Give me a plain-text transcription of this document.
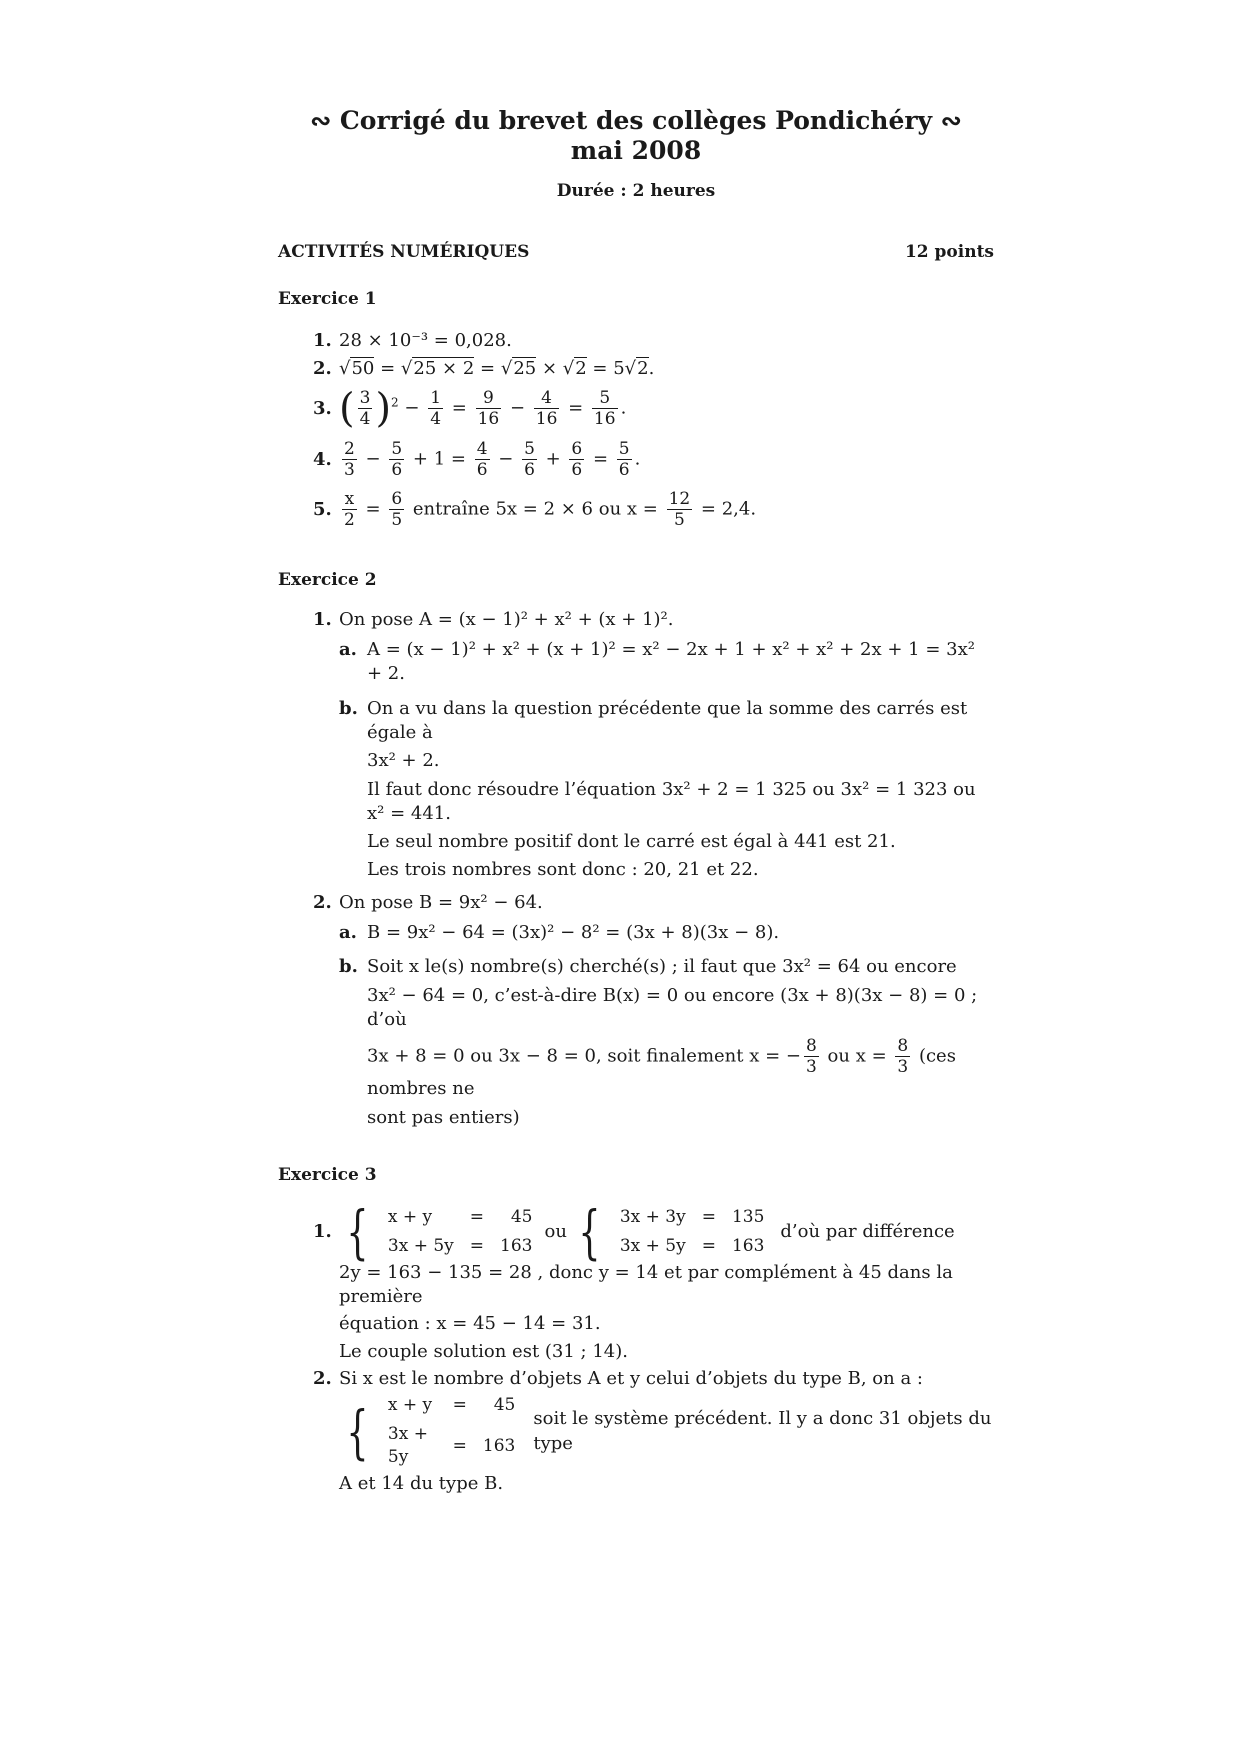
∾ Corrigé du brevet des collèges Pondichéry ∾
mai 2008
Durée : 2 heures
ACTIVITÉS NUMÉRIQUES	12 points
Exercice 1
1. 28 × 10⁻³ = 0,028.
2. √50 = √25 × 2 = √25 × √2 = 5√2.
3. ( $\frac{3}{4} )^2 - \frac{1}{4} = \frac{9}{16} - \frac{4}{16} = \frac{5}{16}$ .
4. $\frac{2}{3} - \frac{5}{6} + 1 = \frac{4}{6} - \frac{5}{6} + \frac{6}{6} = \frac{5}{6}$ .
5. $\frac{x}{2} = \frac{6}{5}$ entraîne 5x = 2 × 6 ou $x = \frac{12}{5} = 2,4$.
Exercice 2
1. On pose A = (x − 1)² + x² + (x + 1)².
a. A = (x − 1)² + x² + (x + 1)² = x² − 2x + 1 + x² + x² + 2x + 1 = 3x² + 2.
b. On a vu dans la question précédente que la somme des carrés est égale à
3x² + 2.
Il faut donc résoudre l’équation 3x² + 2 = 1 325 ou 3x² = 1 323 ou x² = 441.
Le seul nombre positif dont le carré est égal à 441 est 21.
Les trois nombres sont donc : 20, 21 et 22.
2. On pose B = 9x² − 64.
a. B = 9x² − 64 = (3x)² − 8² = (3x + 8)(3x − 8).
b. Soit x le(s) nombre(s) cherché(s) ; il faut que 3x² = 64 ou encore
3x² − 64 = 0, c’est-à-dire B(x) = 0 ou encore (3x + 8)(3x − 8) = 0 ; d’où
3x + 8 = 0 ou 3x − 8 = 0, soit finalement x = − $\frac{8}{3}$ ou $x = \frac{8}{3} (ces$ nombres ne
sont pas entiers)
Exercice 3
1. { x + y	=	45
3x + 5y	=	163
ou { 3x + 3y	=	135
3x + 5y	=	163
d’où par différence
2y = 163 − 135 = 28 , donc y = 14 et par complément à 45 dans la première
équation : x = 45 − 14 = 31.
Le couple solution est (31 ; 14).
2. Si x est le nombre d’objets A et y celui d’objets du type B, on a :
{ x + y	=	45
3x + 5y	=	163
soit le système précédent. Il y a donc 31 objets du type
A et 14 du type B.
